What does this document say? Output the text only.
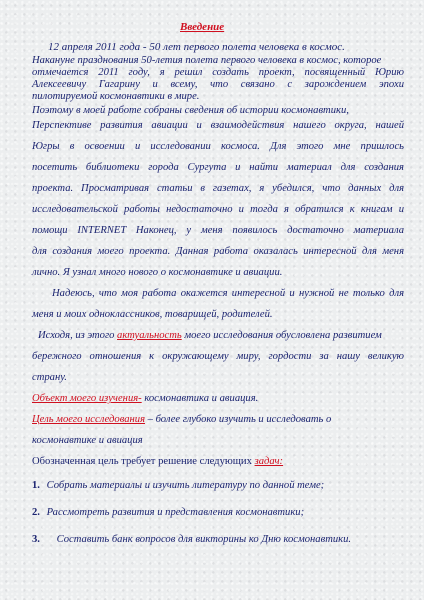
Введение
12 апреля 2011 года - 50 лет первого полета человека в космос.
Накануне празднования 50-летия полета первого человека в космос, которое
отмечается 2011 году, я решил создать проект, посвященный Юрию
Алексеевичу Гагарину и всему, что связано с зарождением эпохи
пилотируемой космонавтики в мире.
Поэтому в моей работе собраны сведения об истории космонавтики,
Перспективе развития авиации и взаимодействия нашего округа, нашей
Югры в освоении и исследовании космоса. Для этого мне пришлось
посетить библиотеки города Сургута и найти материал для создания
проекта. Просматривая статьи в газетах, я убедился, что данных для
исследовательской работы недостаточно и тогда я обратился к книгам и
помощи INTERNET Наконец, у меня появилось достаточно материала
для создания моего проекта. Данная работа оказалась интересной для меня
лично. Я узнал много нового о космонавтике и авиации.
Надеюсь, что моя работа окажется интересной и нужной не только для
меня и моих одноклассников, товарищей, родителей.
Исходя, из этого актуальность моего исследования обусловлена развитием
бережного отношения к окружающему миру, гордости за нашу великую
страну.
Объект моего изучения- космонавтика и авиация.
Цель моего исследования – более глубоко изучить и исследовать о
космонавтике и авиация
Обозначенная цель требует решение следующих задач:
1. Собрать материалы и изучить литературу по данной теме;
2. Рассмотреть развития и представления космонавтики;
3. Составить банк вопросов для викторины ко Дню космонавтики.
